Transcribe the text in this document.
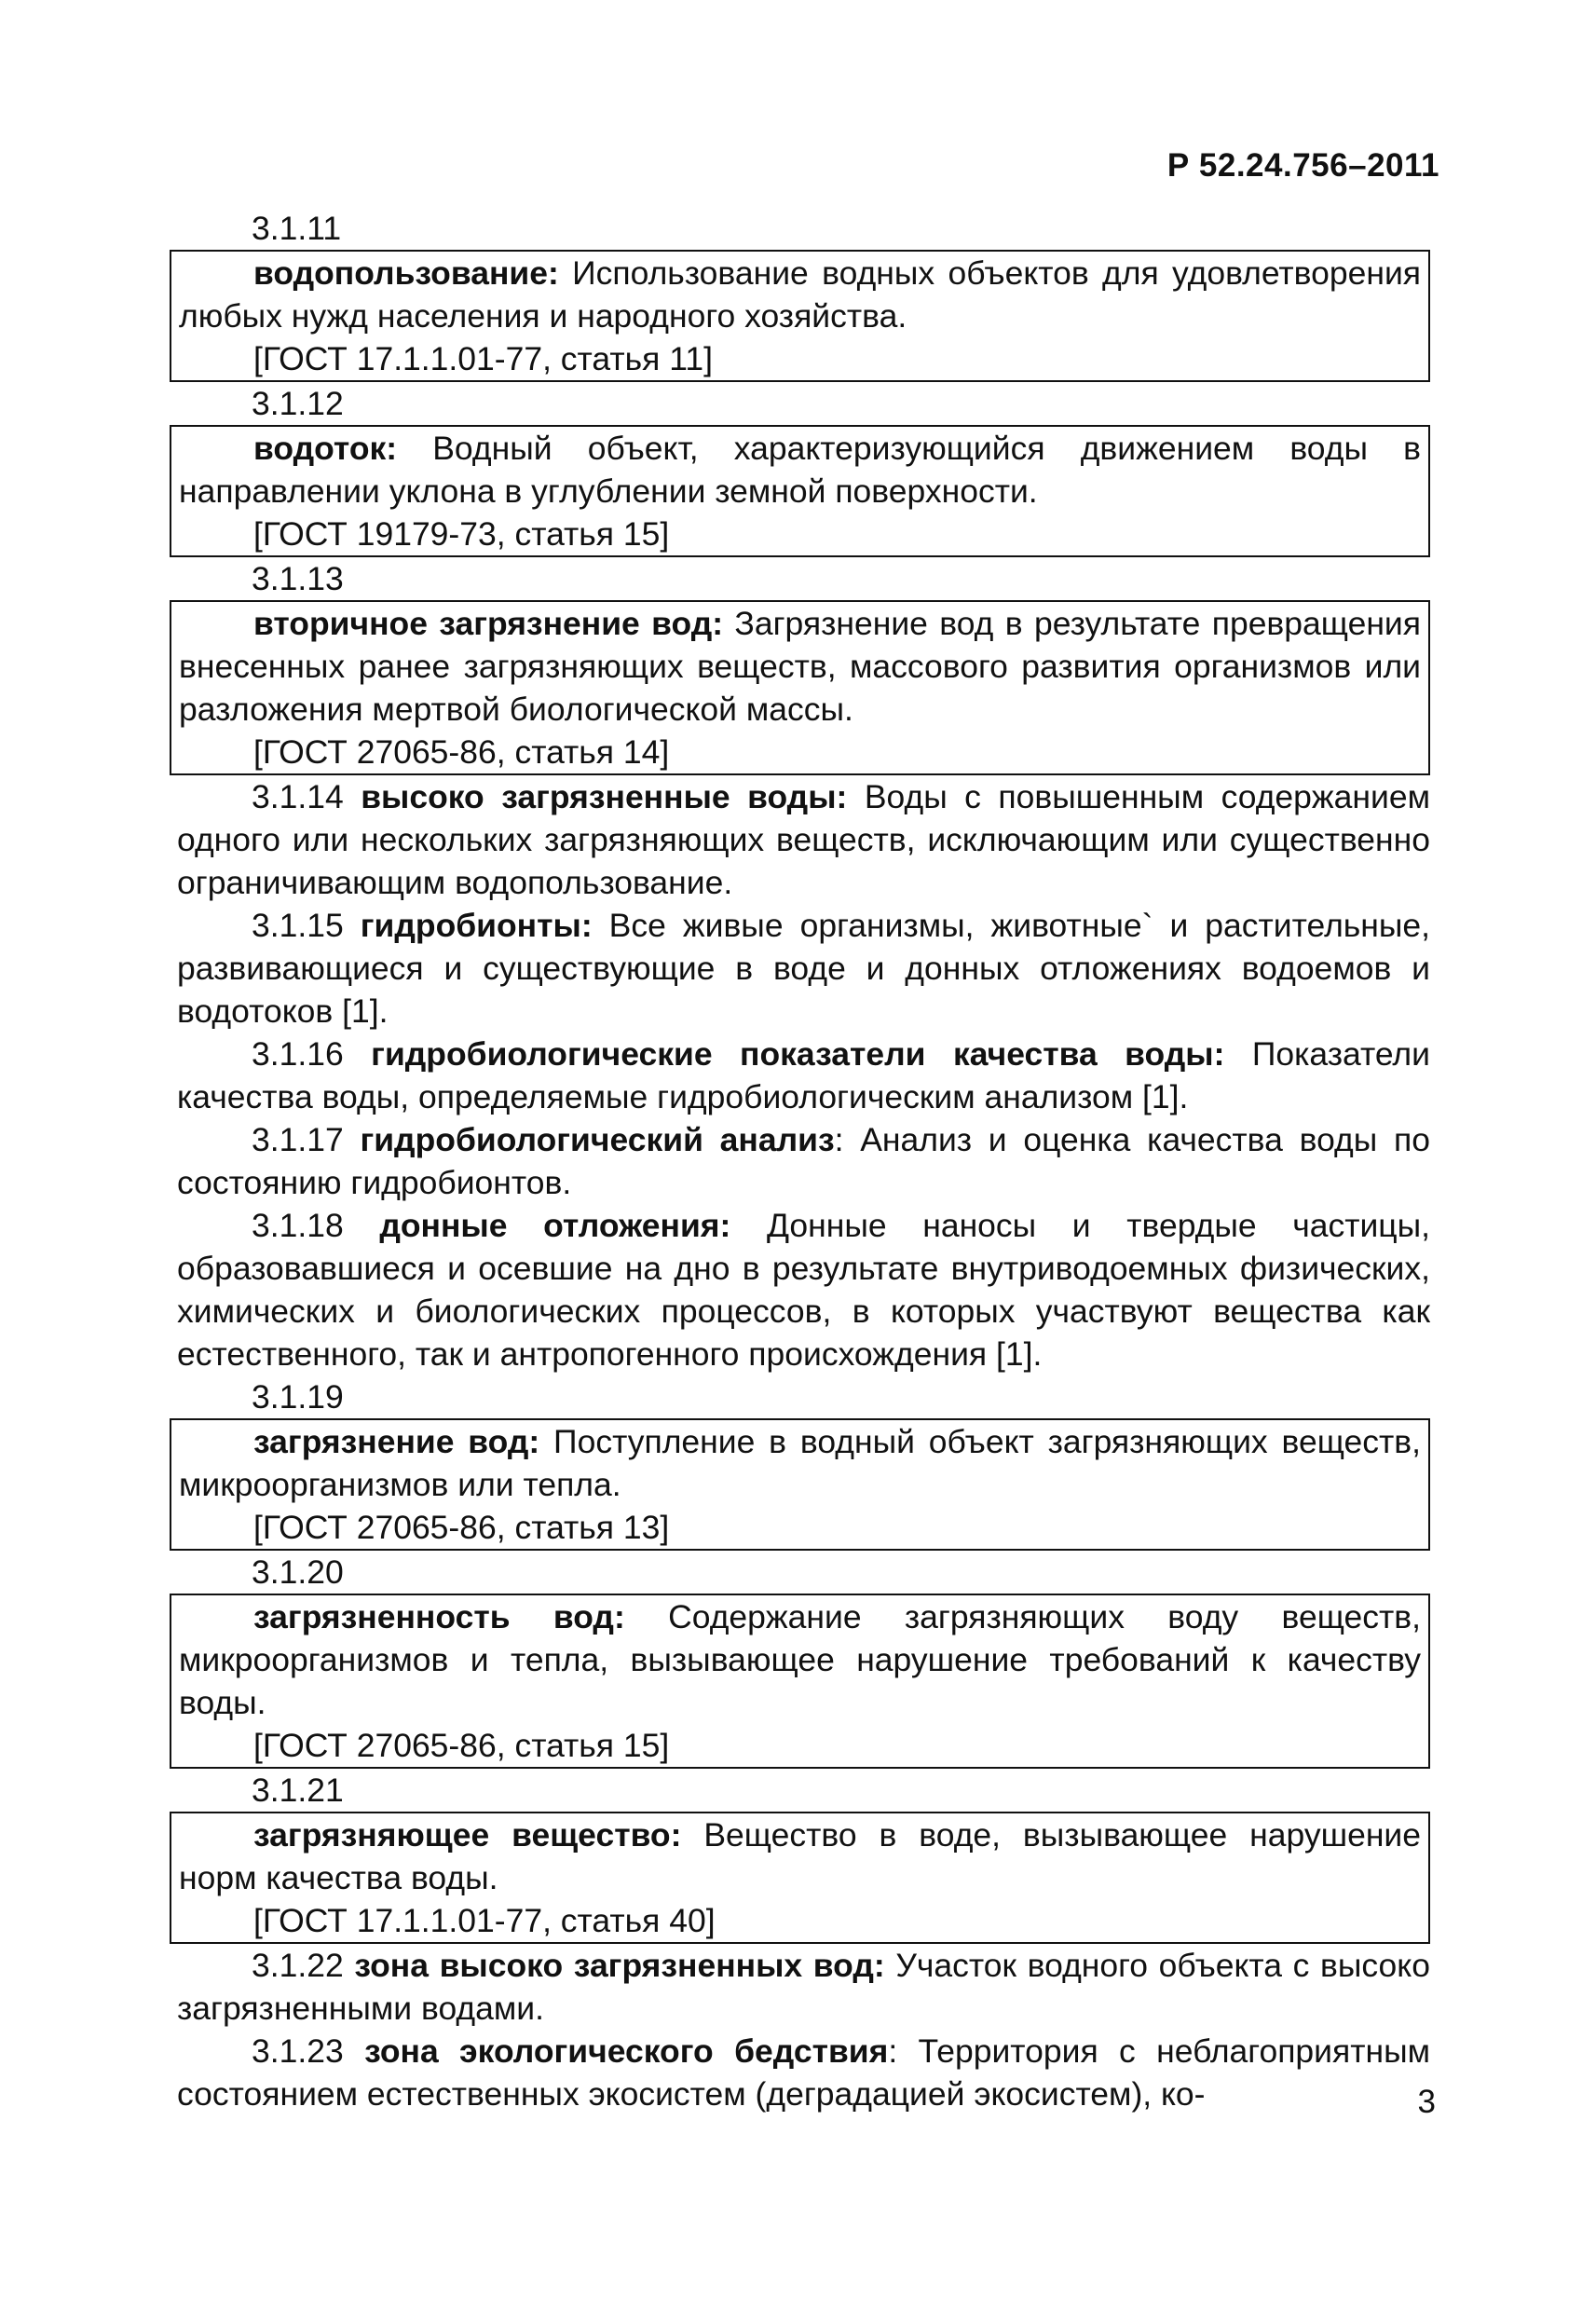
Р 52.24.756–2011
3.1.11

водопользование: Использование водных объектов для удовлетворения любых нужд населения и народного хозяйства.

[ГОСТ 17.1.1.01-77, статья 11]

3.1.12

водоток: Водный объект, характеризующийся движением воды в направлении уклона в углублении земной поверхности.

[ГОСТ 19179-73, статья 15]

3.1.13

вторичное загрязнение вод: Загрязнение вод в результате превращения внесенных ранее загрязняющих веществ, массового развития организмов или разложения мертвой биологической массы.

[ГОСТ 27065-86, статья 14]

3.1.14 высоко загрязненные воды: Воды с повышенным содержанием одного или нескольких загрязняющих веществ, исключающим или существенно ограничивающим водопользование.

3.1.15 гидробионты: Все живые организмы, животные` и растительные, развивающиеся и существующие в воде и донных отложениях водоемов и водотоков [1].

3.1.16 гидробиологические показатели качества воды: Показатели качества воды, определяемые гидробиологическим анализом [1].

3.1.17 гидробиологический анализ: Анализ и оценка качества воды по состоянию гидробионтов.

3.1.18 донные отложения: Донные наносы и твердые частицы, образовавшиеся и осевшие на дно в результате внутриводоемных физических, химических и биологических процессов, в которых участвуют вещества как естественного, так и антропогенного происхождения [1].

3.1.19

загрязнение вод: Поступление в водный объект загрязняющих веществ, микроорганизмов или тепла.

[ГОСТ 27065-86, статья 13]

3.1.20

загрязненность вод: Содержание загрязняющих воду веществ, микроорганизмов и тепла, вызывающее нарушение требований к качеству воды.

[ГОСТ 27065-86, статья 15]

3.1.21

загрязняющее вещество: Вещество в воде, вызывающее нарушение норм качества воды.

[ГОСТ 17.1.1.01-77, статья 40]

3.1.22 зона высоко загрязненных вод: Участок водного объекта с высоко загрязненными водами.

3.1.23 зона экологического бедствия: Территория с неблагоприятным состоянием естественных экосистем (деградацией экосистем), ко-	3
